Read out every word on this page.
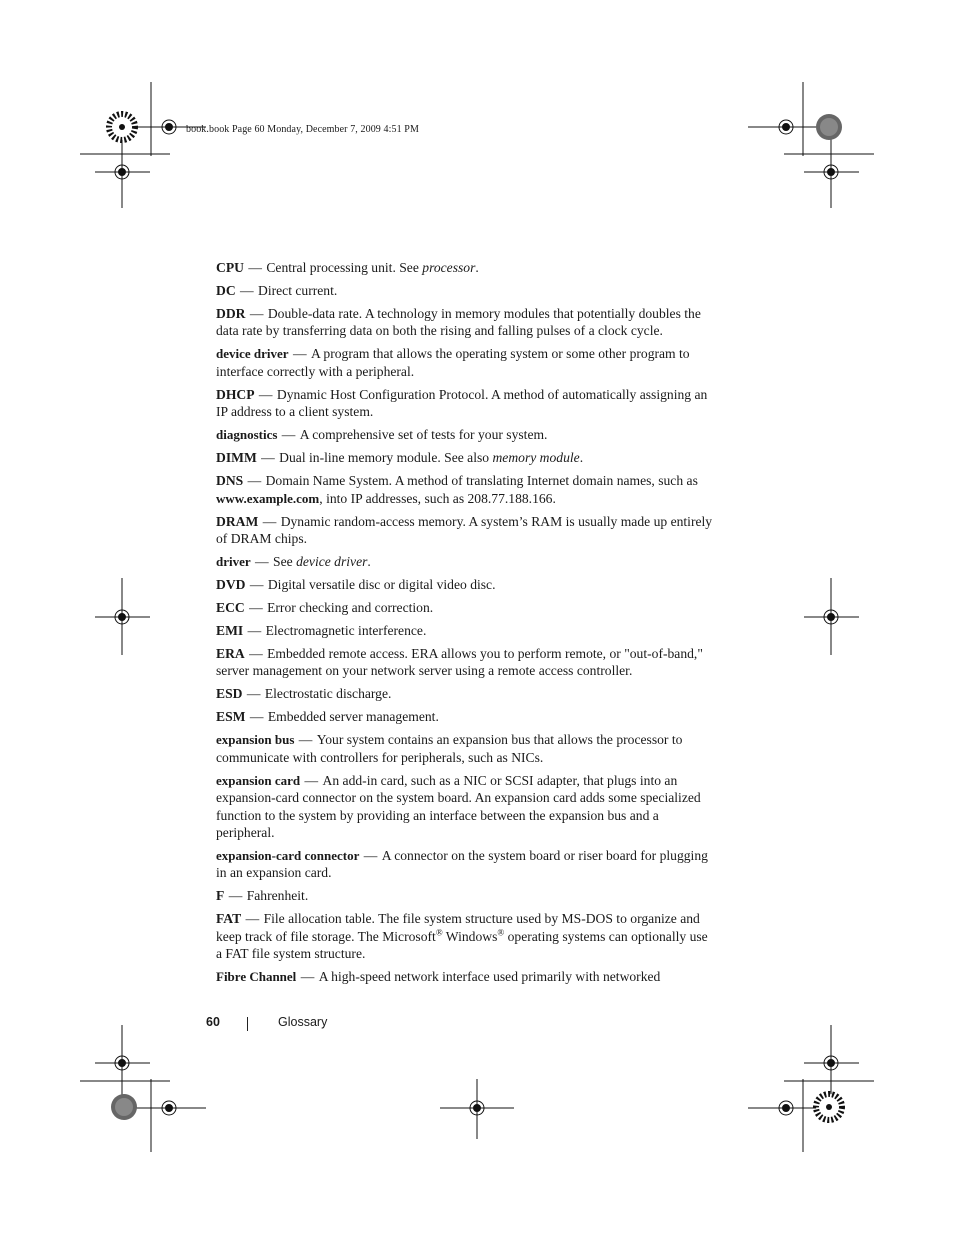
book.book Page 60 Monday, December 7, 2009 4:51 PM
CPU — Central processing unit. See processor.
DC — Direct current.
DDR — Double-data rate. A technology in memory modules that potentially doubles the data rate by transferring data on both the rising and falling pulses of a clock cycle.
device driver — A program that allows the operating system or some other program to interface correctly with a peripheral.
DHCP — Dynamic Host Configuration Protocol. A method of automatically assigning an IP address to a client system.
diagnostics — A comprehensive set of tests for your system.
DIMM — Dual in-line memory module. See also memory module.
DNS — Domain Name System. A method of translating Internet domain names, such as www.example.com, into IP addresses, such as 208.77.188.166.
DRAM — Dynamic random-access memory. A system’s RAM is usually made up entirely of DRAM chips.
driver — See device driver.
DVD — Digital versatile disc or digital video disc.
ECC — Error checking and correction.
EMI — Electromagnetic interference.
ERA — Embedded remote access. ERA allows you to perform remote, or "out-of-band," server management on your network server using a remote access controller.
ESD — Electrostatic discharge.
ESM — Embedded server management.
expansion bus — Your system contains an expansion bus that allows the processor to communicate with controllers for peripherals, such as NICs.
expansion card — An add-in card, such as a NIC or SCSI adapter, that plugs into an expansion-card connector on the system board. An expansion card adds some specialized function to the system by providing an interface between the expansion bus and a peripheral.
expansion-card connector — A connector on the system board or riser board for plugging in an expansion card.
F — Fahrenheit.
FAT — File allocation table. The file system structure used by MS-DOS to organize and keep track of file storage. The Microsoft® Windows® operating systems can optionally use a FAT file system structure.
Fibre Channel — A high-speed network interface used primarily with networked
60	Glossary
